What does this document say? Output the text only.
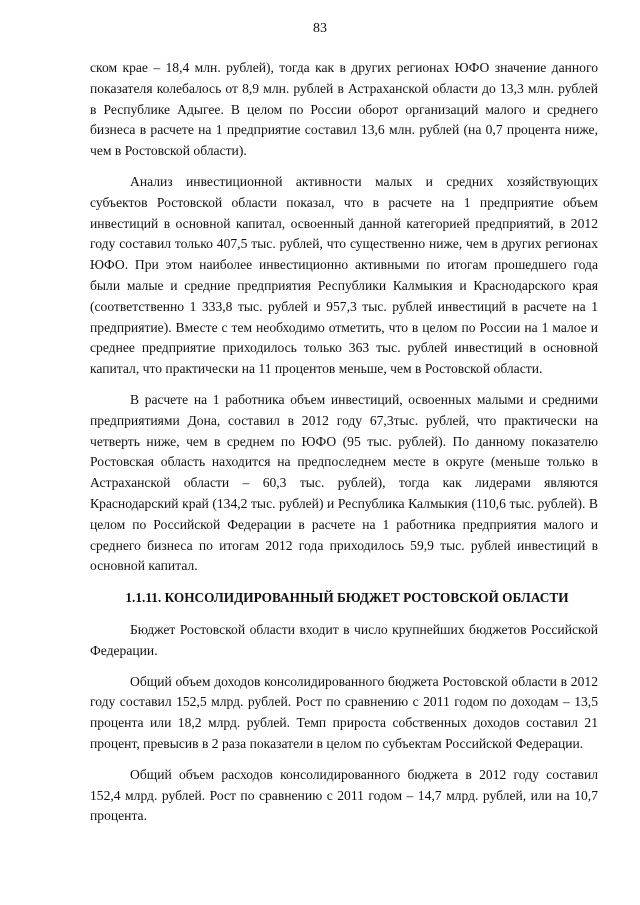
83

ском крае – 18,4 млн. рублей), тогда как в других регионах ЮФО значение данного показателя колебалось от 8,9 млн. рублей в Астраханской области до 13,3 млн. рублей в Республике Адыгее. В целом по России оборот организаций малого и среднего бизнеса в расчете на 1 предприятие составил 13,6 млн. рублей (на 0,7 процента ниже, чем в Ростовской области).

Анализ инвестиционной активности малых и средних хозяйствующих субъектов Ростовской области показал, что в расчете на 1 предприятие объем инвестиций в основной капитал, освоенный данной категорией предприятий, в 2012 году составил только 407,5 тыс. рублей, что существенно ниже, чем в других регионах ЮФО. При этом наиболее инвестиционно активными по итогам прошедшего года были малые и средние предприятия Республики Калмыкия и Краснодарского края (соответственно 1 333,8 тыс. рублей и 957,3 тыс. рублей инвестиций в расчете на 1 предприятие). Вместе с тем необходимо отметить, что в целом по России на 1 малое и среднее предприятие приходилось только 363 тыс. рублей инвестиций в основной капитал, что практически на 11 процентов меньше, чем в Ростовской области.

В расчете на 1 работника объем инвестиций, освоенных малыми и средними предприятиями Дона, составил в 2012 году 67,3тыс. рублей, что практически на четверть ниже, чем в среднем по ЮФО (95 тыс. рублей). По данному показателю Ростовская область находится на предпоследнем месте в округе (меньше только в Астраханской области – 60,3 тыс. рублей), тогда как лидерами являются Краснодарский край (134,2 тыс. рублей) и Республика Калмыкия (110,6 тыс. рублей). В целом по Российской Федерации в расчете на 1 работника предприятия малого и среднего бизнеса по итогам 2012 года приходилось 59,9 тыс. рублей инвестиций в основной капитал.

1.1.11. КОНСОЛИДИРОВАННЫЙ БЮДЖЕТ РОСТОВСКОЙ ОБЛАСТИ

Бюджет Ростовской области входит в число крупнейших бюджетов Российской Федерации.

Общий объем доходов консолидированного бюджета Ростовской области в 2012 году составил 152,5 млрд. рублей. Рост по сравнению с 2011 годом по доходам – 13,5 процента или 18,2 млрд. рублей. Темп прироста собственных доходов составил 21 процент, превысив в 2 раза показатели в целом по субъектам Российской Федерации.

Общий объем расходов консолидированного бюджета в 2012 году составил 152,4 млрд. рублей. Рост по сравнению с 2011 годом – 14,7 млрд. рублей, или на 10,7 процента.
